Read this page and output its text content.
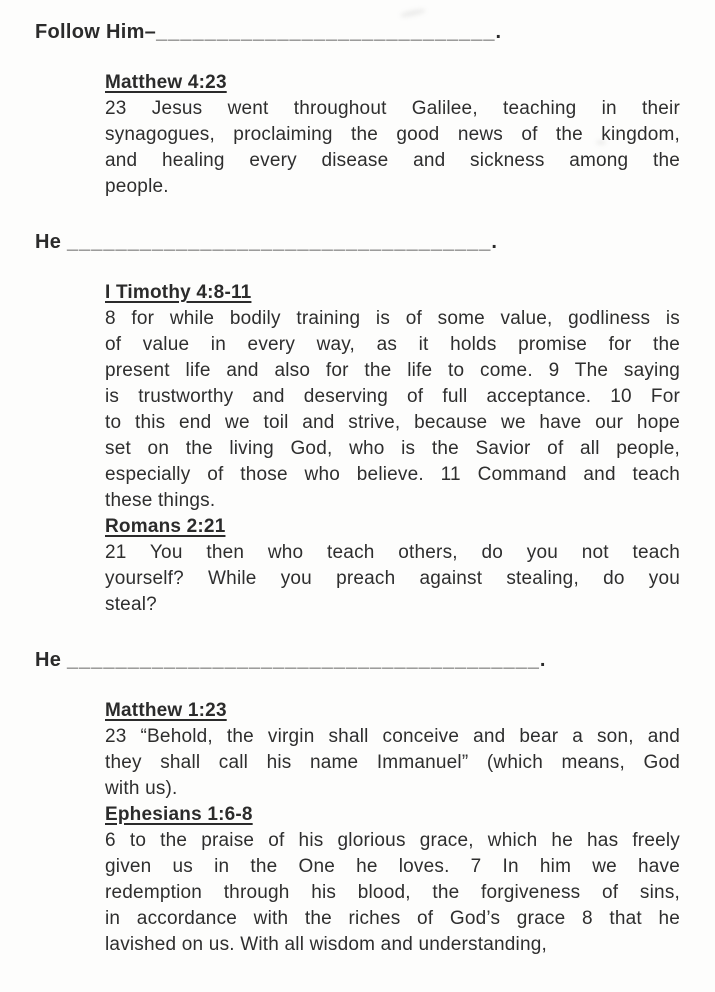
Follow Him–____________________________.
Matthew 4:23
23 Jesus went throughout Galilee, teaching in their
synagogues, proclaiming the good news of the kingdom,
and healing every disease and sickness among the
people.
He ___________________________________.
I Timothy 4:8-11
8 for while bodily training is of some value, godliness is
of value in every way, as it holds promise for the
present life and also for the life to come. 9 The saying
is trustworthy and deserving of full acceptance. 10 For
to this end we toil and strive, because we have our hope
set on the living God, who is the Savior of all people,
especially of those who believe. 11 Command and teach
these things.
Romans 2:21
21 You then who teach others, do you not teach
yourself? While you preach against stealing, do you
steal?
He _______________________________________.
Matthew 1:23
23 “Behold, the virgin shall conceive and bear a son, and
they shall call his name Immanuel” (which means, God
with us).
Ephesians 1:6-8
6 to the praise of his glorious grace, which he has freely
given us in the One he loves. 7 In him we have
redemption through his blood, the forgiveness of sins,
in accordance with the riches of God’s grace 8 that he
lavished on us. With all wisdom and understanding,
